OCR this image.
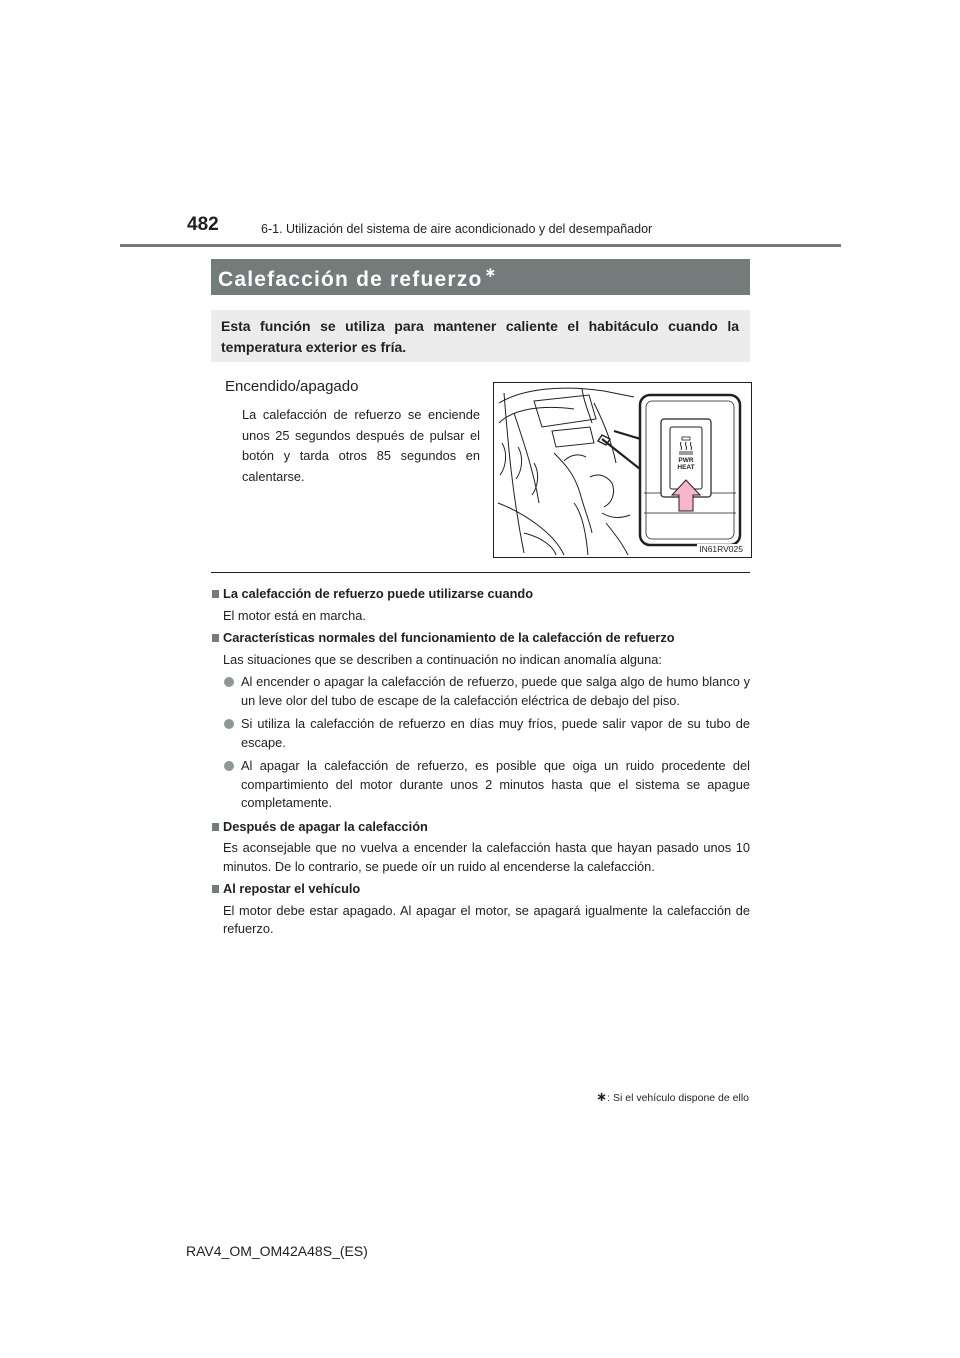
482	6-1. Utilización del sistema de aire acondicionado y del desempañador
Calefacción de refuerzo ∗
Esta función se utiliza para mantener caliente el habitáculo cuando la temperatura exterior es fría.
Encendido/apagado
La calefacción de refuerzo se enciende unos 25 segundos después de pulsar el botón y tarda otros 85 segundos en calentarse.
PWR
HEAT
IN61RV025
La calefacción de refuerzo puede utilizarse cuando
El motor está en marcha.
Características normales del funcionamiento de la calefacción de refuerzo
Las situaciones que se describen a continuación no indican anomalía alguna:
Al encender o apagar la calefacción de refuerzo, puede que salga algo de humo blanco y un leve olor del tubo de escape de la calefacción eléctrica de debajo del piso.
Si utiliza la calefacción de refuerzo en días muy fríos, puede salir vapor de su tubo de escape.
Al apagar la calefacción de refuerzo, es posible que oiga un ruido procedente del compartimiento del motor durante unos 2 minutos hasta que el sistema se apague completamente.
Después de apagar la calefacción
Es aconsejable que no vuelva a encender la calefacción hasta que hayan pasado unos 10 minutos. De lo contrario, se puede oír un ruido al encenderse la calefacción.
Al repostar el vehículo
El motor debe estar apagado. Al apagar el motor, se apagará igualmente la calefacción de refuerzo.
∗: Si el vehículo dispone de ello
RAV4_OM_OM42A48S_(ES)
